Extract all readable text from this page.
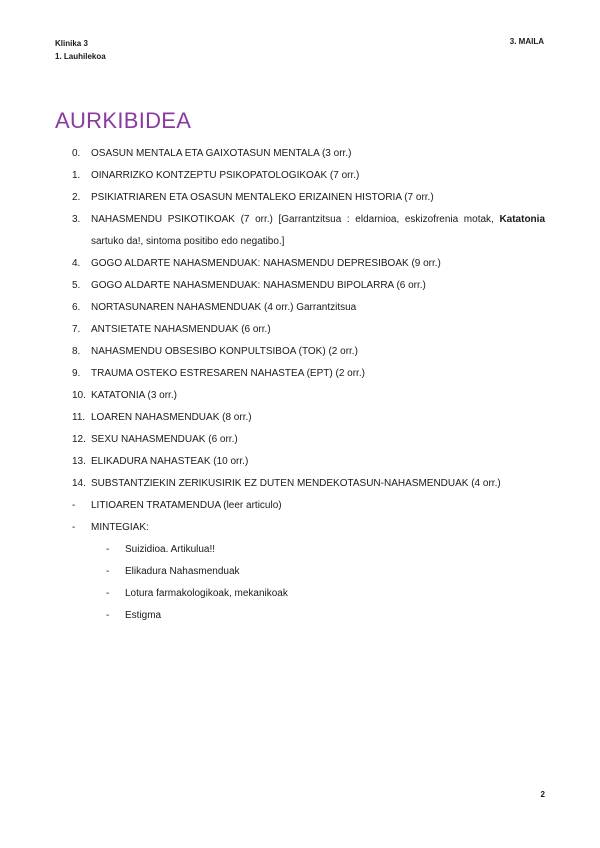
Klinika 3
1. Lauhilekoa
3. MAILA
AURKIBIDEA
0.	OSASUN MENTALA ETA GAIXOTASUN MENTALA (3 orr.)
1.	OINARRIZKO KONTZEPTU PSIKOPATOLOGIKOAK (7 orr.)
2.	PSIKIATRIAREN ETA OSASUN MENTALEKO ERIZAINEN HISTORIA (7 orr.)
3.	NAHASMENDU PSIKOTIKOAK (7 orr.) [Garrantzitsua : eldarnioa, eskizofrenia motak, Katatonia sartuko da!, sintoma positibo edo negatibo.]
4.	GOGO ALDARTE NAHASMENDUAK: NAHASMENDU DEPRESIBOAK (9 orr.)
5.	GOGO ALDARTE NAHASMENDUAK: NAHASMENDU BIPOLARRA (6 orr.)
6.	NORTASUNAREN NAHASMENDUAK (4 orr.) Garrantzitsua
7.	ANTSIETATE NAHASMENDUAK (6 orr.)
8.	NAHASMENDU OBSESIBO KONPULTSIBOA (TOK) (2 orr.)
9.	TRAUMA OSTEKO ESTRESAREN NAHASTEA (EPT) (2 orr.)
10. KATATONIA (3 orr.)
11. LOAREN NAHASMENDUAK (8 orr.)
12. SEXU NAHASMENDUAK (6 orr.)
13. ELIKADURA NAHASTEAK (10 orr.)
14. SUBSTANTZIEKIN ZERIKUSIRIK EZ DUTEN MENDEKOTASUN-NAHASMENDUAK (4 orr.)
-	LITIOAREN TRATAMENDUA (leer articulo)
-	MINTEGIAK:
-	Suizidioa. Artikulua!!
-	Elikadura Nahasmenduak
-	Lotura farmakologikoak, mekanikoak
-	Estigma
2
